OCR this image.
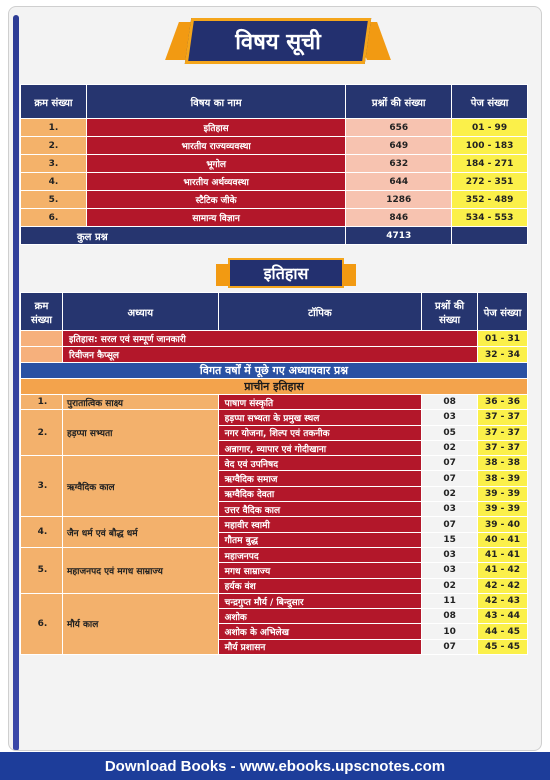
विषय सूची
क्रम संख्या	विषय का नाम	प्रश्नों की संख्या	पेज संख्या
1.	इतिहास	656	01 - 99
2.	भारतीय राज्यव्यवस्था	649	100 - 183
3.	भूगोल	632	184 - 271
4.	भारतीय अर्थव्यवस्था	644	272 - 351
5.	स्टैटिक जीके	1286	352 - 489
6.	सामान्य विज्ञान	846	534 - 553
कुल प्रश्न		4713	
इतिहास
क्रम संख्या	अध्याय	टॉपिक	प्रश्नों की संख्या	पेज संख्या
	इतिहास: सरल एवं सम्पूर्ण जानकारी			01 - 31
	रिवीजन कैप्सूल			32 - 34
विगत वर्षों में पूछे गए अध्यायवार प्रश्न				
प्राचीन इतिहास				
1.	पुरातात्विक साक्ष्य	पाषाण संस्कृति	08	36 - 36
2.	हड़प्पा सभ्यता	हड़प्पा सभ्यता के प्रमुख स्थल	03	37 - 37
		नगर योजना, शिल्प एवं तकनीक	05	37 - 37
		अन्नागार, व्यापार एवं गोदीखाना	02	37 - 37
3.	ऋग्वैदिक काल	वेद एवं उपनिषद	07	38 - 38
		ऋग्वैदिक समाज	07	38 - 39
		ऋग्वैदिक देवता	02	39 - 39
		उत्तर वैदिक काल	03	39 - 39
4.	जैन धर्म एवं बौद्ध धर्म	महावीर स्वामी	07	39 - 40
		गौतम बुद्ध	15	40 - 41
5.	महाजनपद एवं मगध साम्राज्य	महाजनपद	03	41 - 41
		मगध साम्राज्य	03	41 - 42
		हर्यक वंश	02	42 - 42
6.	मौर्य काल	चन्द्रगुप्त मौर्य / बिन्दुसार	11	42 - 43
		अशोक	08	43 - 44
		अशोक के अभिलेख	10	44 - 45
		मौर्य प्रशासन	07	45 - 45
Download Books - www.ebooks.upscnotes.com
